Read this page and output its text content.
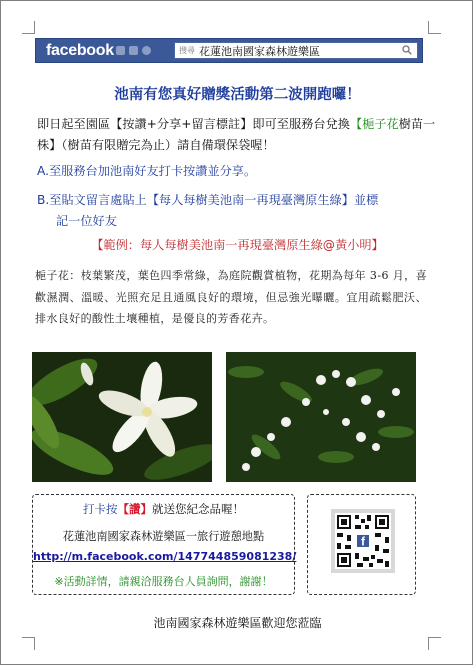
facebook	搜尋 花蓮池南國家森林遊樂區
池南有您真好贈獎活動第二波開跑囉！
即日起至園區【按讚+分享+留言標註】即可至服務台兌換【梔子花樹苗一株】（樹苗有限贈完為止）請自備環保袋喔！
A.至服務台加池南好友打卡按讚並分享。
B.至貼文留言處貼上【每人每樹美池南一再現臺灣原生綠】並標
記一位好友
【範例：每人每樹美池南一再現臺灣原生綠@黃小明】
梔子花：枝葉繁茂，葉色四季常綠，為庭院觀賞植物，花期為每年 3-6 月，喜歡濕潤、溫暖、光照充足且通風良好的環境，但忌強光曝曬。宜用疏鬆肥沃、排水良好的酸性土壤種植，是優良的芳香花卉。
打卡按【讚】就送您紀念品喔！
花蓮池南國家森林遊樂區一旅行遊憩地點
http://m.facebook.com/147744859081238/
※活動詳情，請親洽服務台人員詢問，謝謝！
f
池南國家森林遊樂區歡迎您蒞臨
